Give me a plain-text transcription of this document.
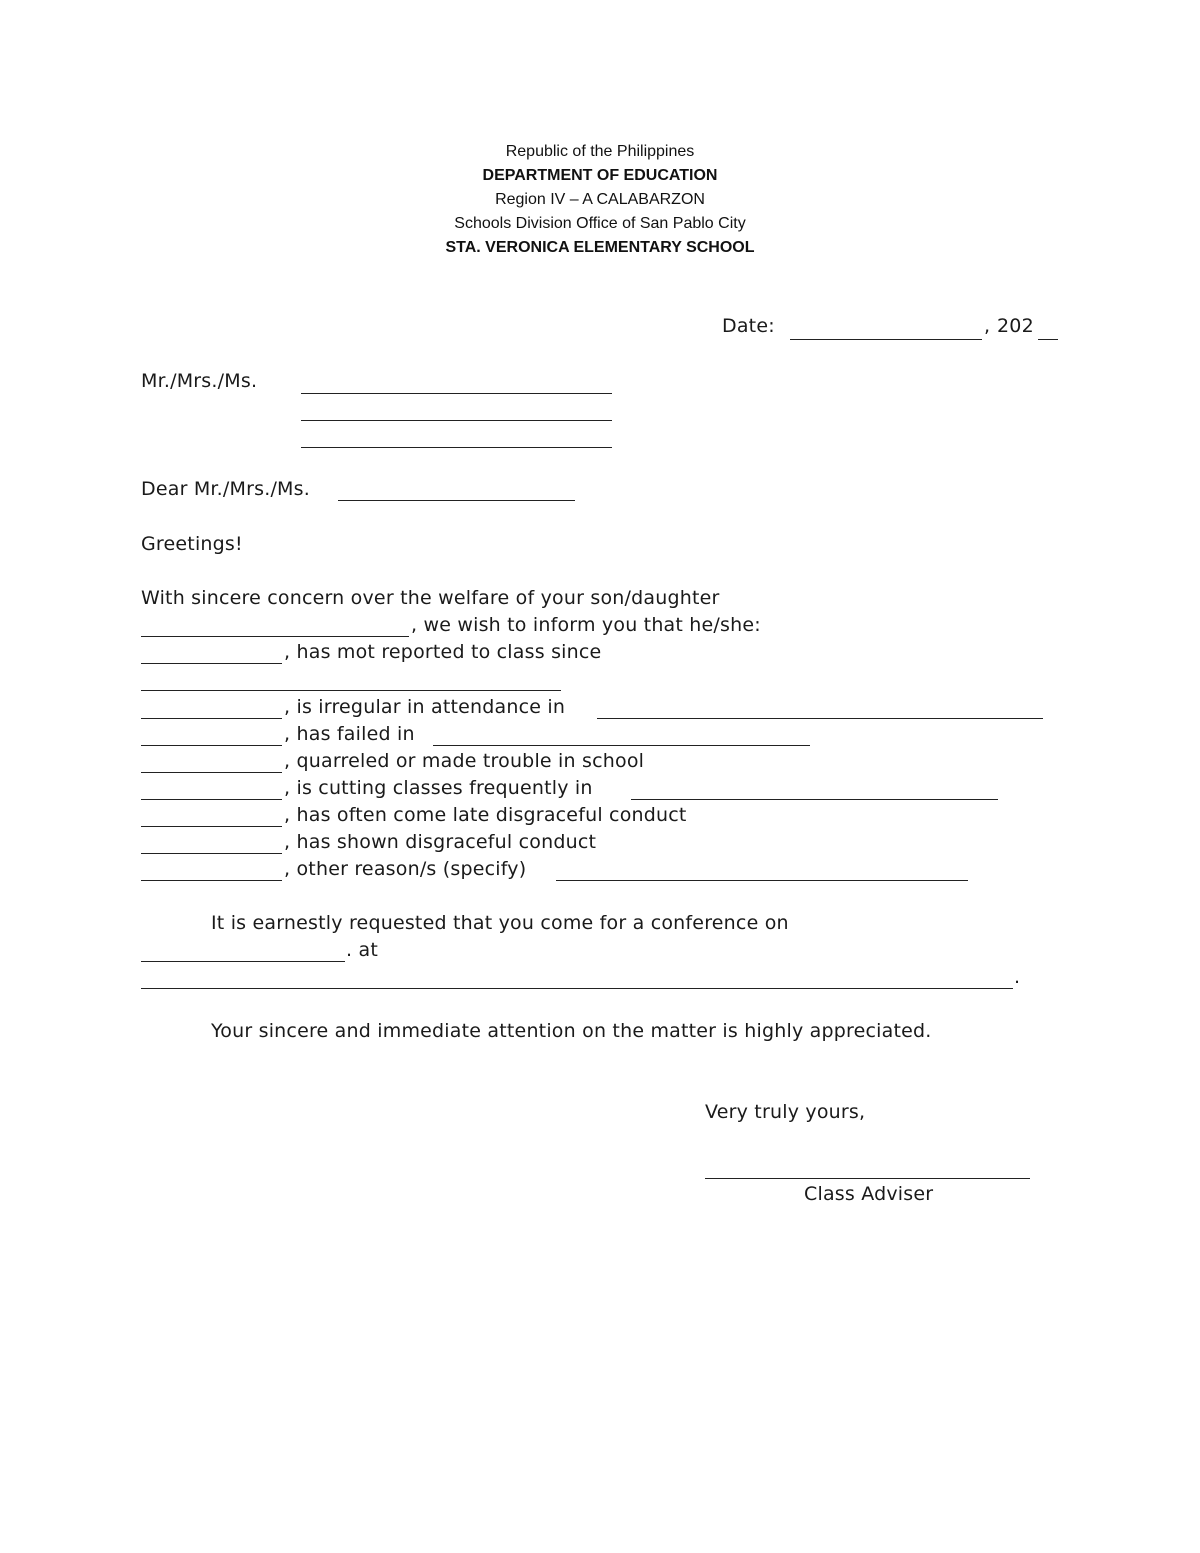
Republic of the Philippines
DEPARTMENT OF EDUCATION
Region IV – A CALABARZON
Schools Division Office of San Pablo City
STA. VERONICA ELEMENTARY SCHOOL
Date:	, 202
Mr./Mrs./Ms.
Dear Mr./Mrs./Ms.
Greetings!
With sincere concern over the welfare of your son/daughter
, we wish to inform you that he/she:
, has mot reported to class since
, is irregular in attendance in
, has failed in
, quarreled or made trouble in school
, is cutting classes frequently in
, has often come late disgraceful conduct
, has shown disgraceful conduct
, other reason/s (specify)
It is earnestly requested that you come for a conference on
. at
.
Your sincere and immediate attention on the matter is highly appreciated.
Very truly yours,
Class Adviser
